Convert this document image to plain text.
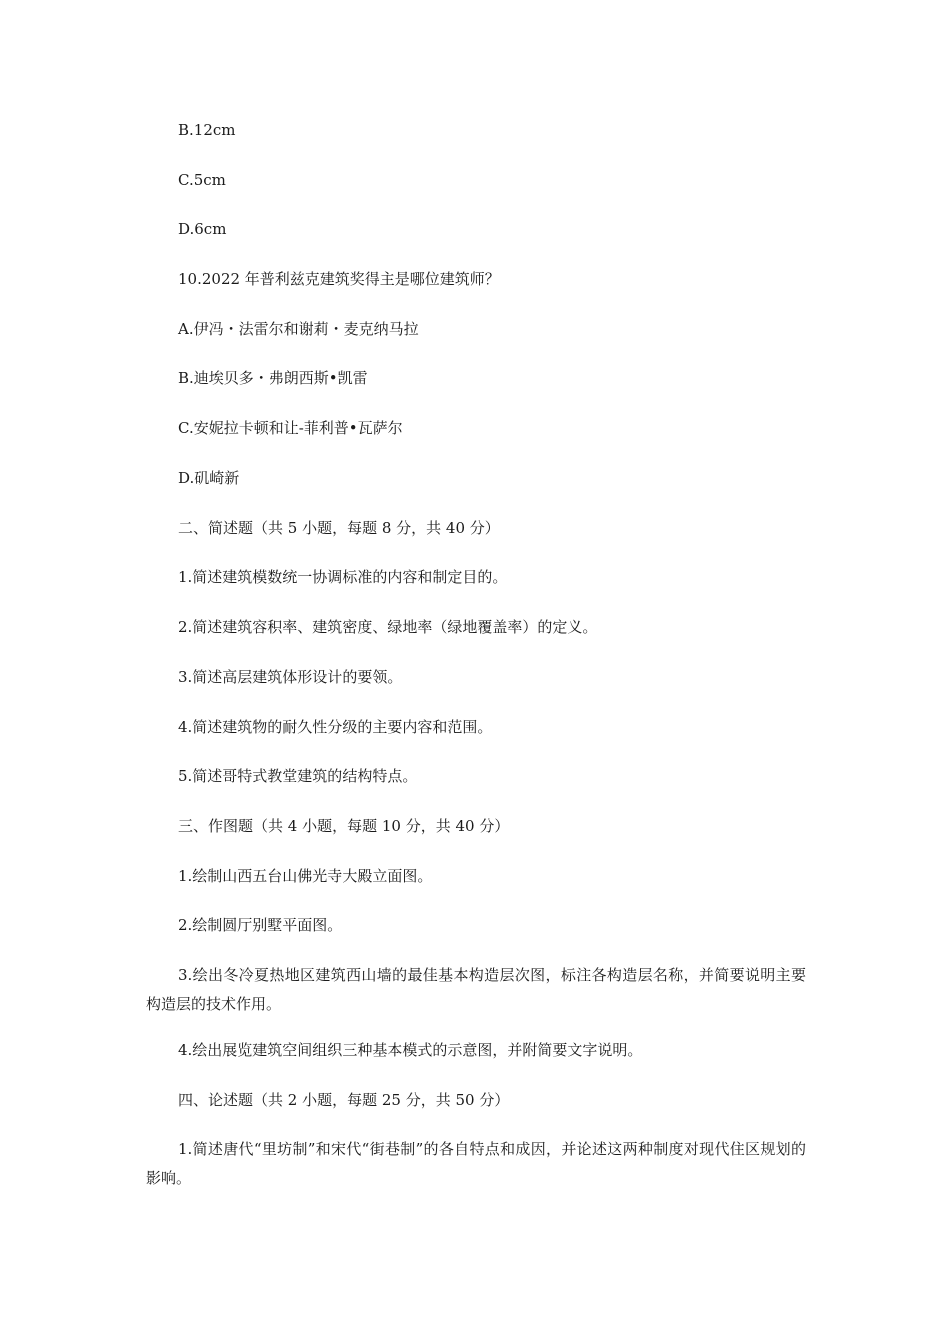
B.12cm
C.5cm
D.6cm
10.2022 年普利兹克建筑奖得主是哪位建筑师？
A.伊冯・法雷尔和谢莉・麦克纳马拉
B.迪埃贝多・弗朗西斯•凯雷
C.安妮拉卡顿和让-菲利普•瓦萨尔
D.矶崎新
二、简述题（共 5 小题，每题 8 分，共 40 分）
1.简述建筑模数统一协调标准的内容和制定目的。
2.简述建筑容积率、建筑密度、绿地率（绿地覆盖率）的定义。
3.简述高层建筑体形设计的要领。
4.简述建筑物的耐久性分级的主要内容和范围。
5.简述哥特式教堂建筑的结构特点。
三、作图题（共 4 小题，每题 10 分，共 40 分）
1.绘制山西五台山佛光寺大殿立面图。
2.绘制圆厅别墅平面图。
3.绘出冬冷夏热地区建筑西山墙的最佳基本构造层次图，标注各构造层名称，并简要说明主要构造层的技术作用。
4.绘出展览建筑空间组织三种基本模式的示意图，并附简要文字说明。
四、论述题（共 2 小题，每题 25 分，共 50 分）
1.简述唐代“里坊制”和宋代“街巷制”的各自特点和成因，并论述这两种制度对现代住区规划的影响。
